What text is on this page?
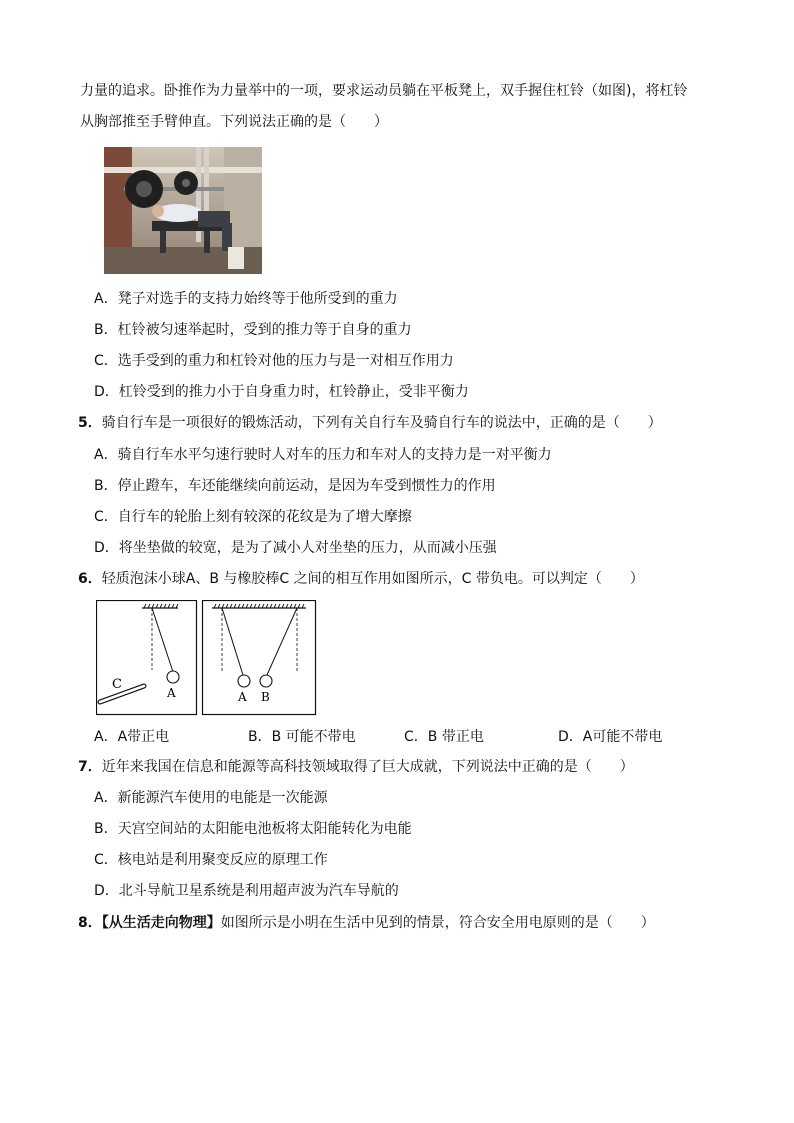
力量的追求。卧推作为力量举中的一项，要求运动员躺在平板凳上，双手握住杠铃（如图)，将杠铃
从胸部推至手臂伸直。下列说法正确的是（　　）
A．凳子对选手的支持力始终等于他所受到的重力
B．杠铃被匀速举起时，受到的推力等于自身的重力
C．选手受到的重力和杠铃对他的压力与是一对相互作用力
D．杠铃受到的推力小于自身重力时，杠铃静止，受非平衡力
5．骑自行车是一项很好的锻炼活动，下列有关自行车及骑自行车的说法中，正确的是（　　）
A．骑自行车水平匀速行驶时人对车的压力和车对人的支持力是一对平衡力
B．停止蹬车，车还能继续向前运动，是因为车受到惯性力的作用
C．自行车的轮胎上刻有较深的花纹是为了增大摩擦
D．将坐垫做的较宽，是为了减小人对坐垫的压力，从而减小压强
6．轻质泡沫小球A、B 与橡胶棒C 之间的相互作用如图所示，C 带负电。可以判定（　　）
C
A	A B
A．A带正电	B．B 可能不带电	C．B 带正电	D．A可能不带电
7．近年来我国在信息和能源等高科技领域取得了巨大成就，下列说法中正确的是（　　）
A．新能源汽车使用的电能是一次能源
B．天宫空间站的太阳能电池板将太阳能转化为电能
C．核电站是利用聚变反应的原理工作
D．北斗导航卫星系统是利用超声波为汽车导航的
8．【从生活走向物理】如图所示是小明在生活中见到的情景，符合安全用电原则的是（　　）
